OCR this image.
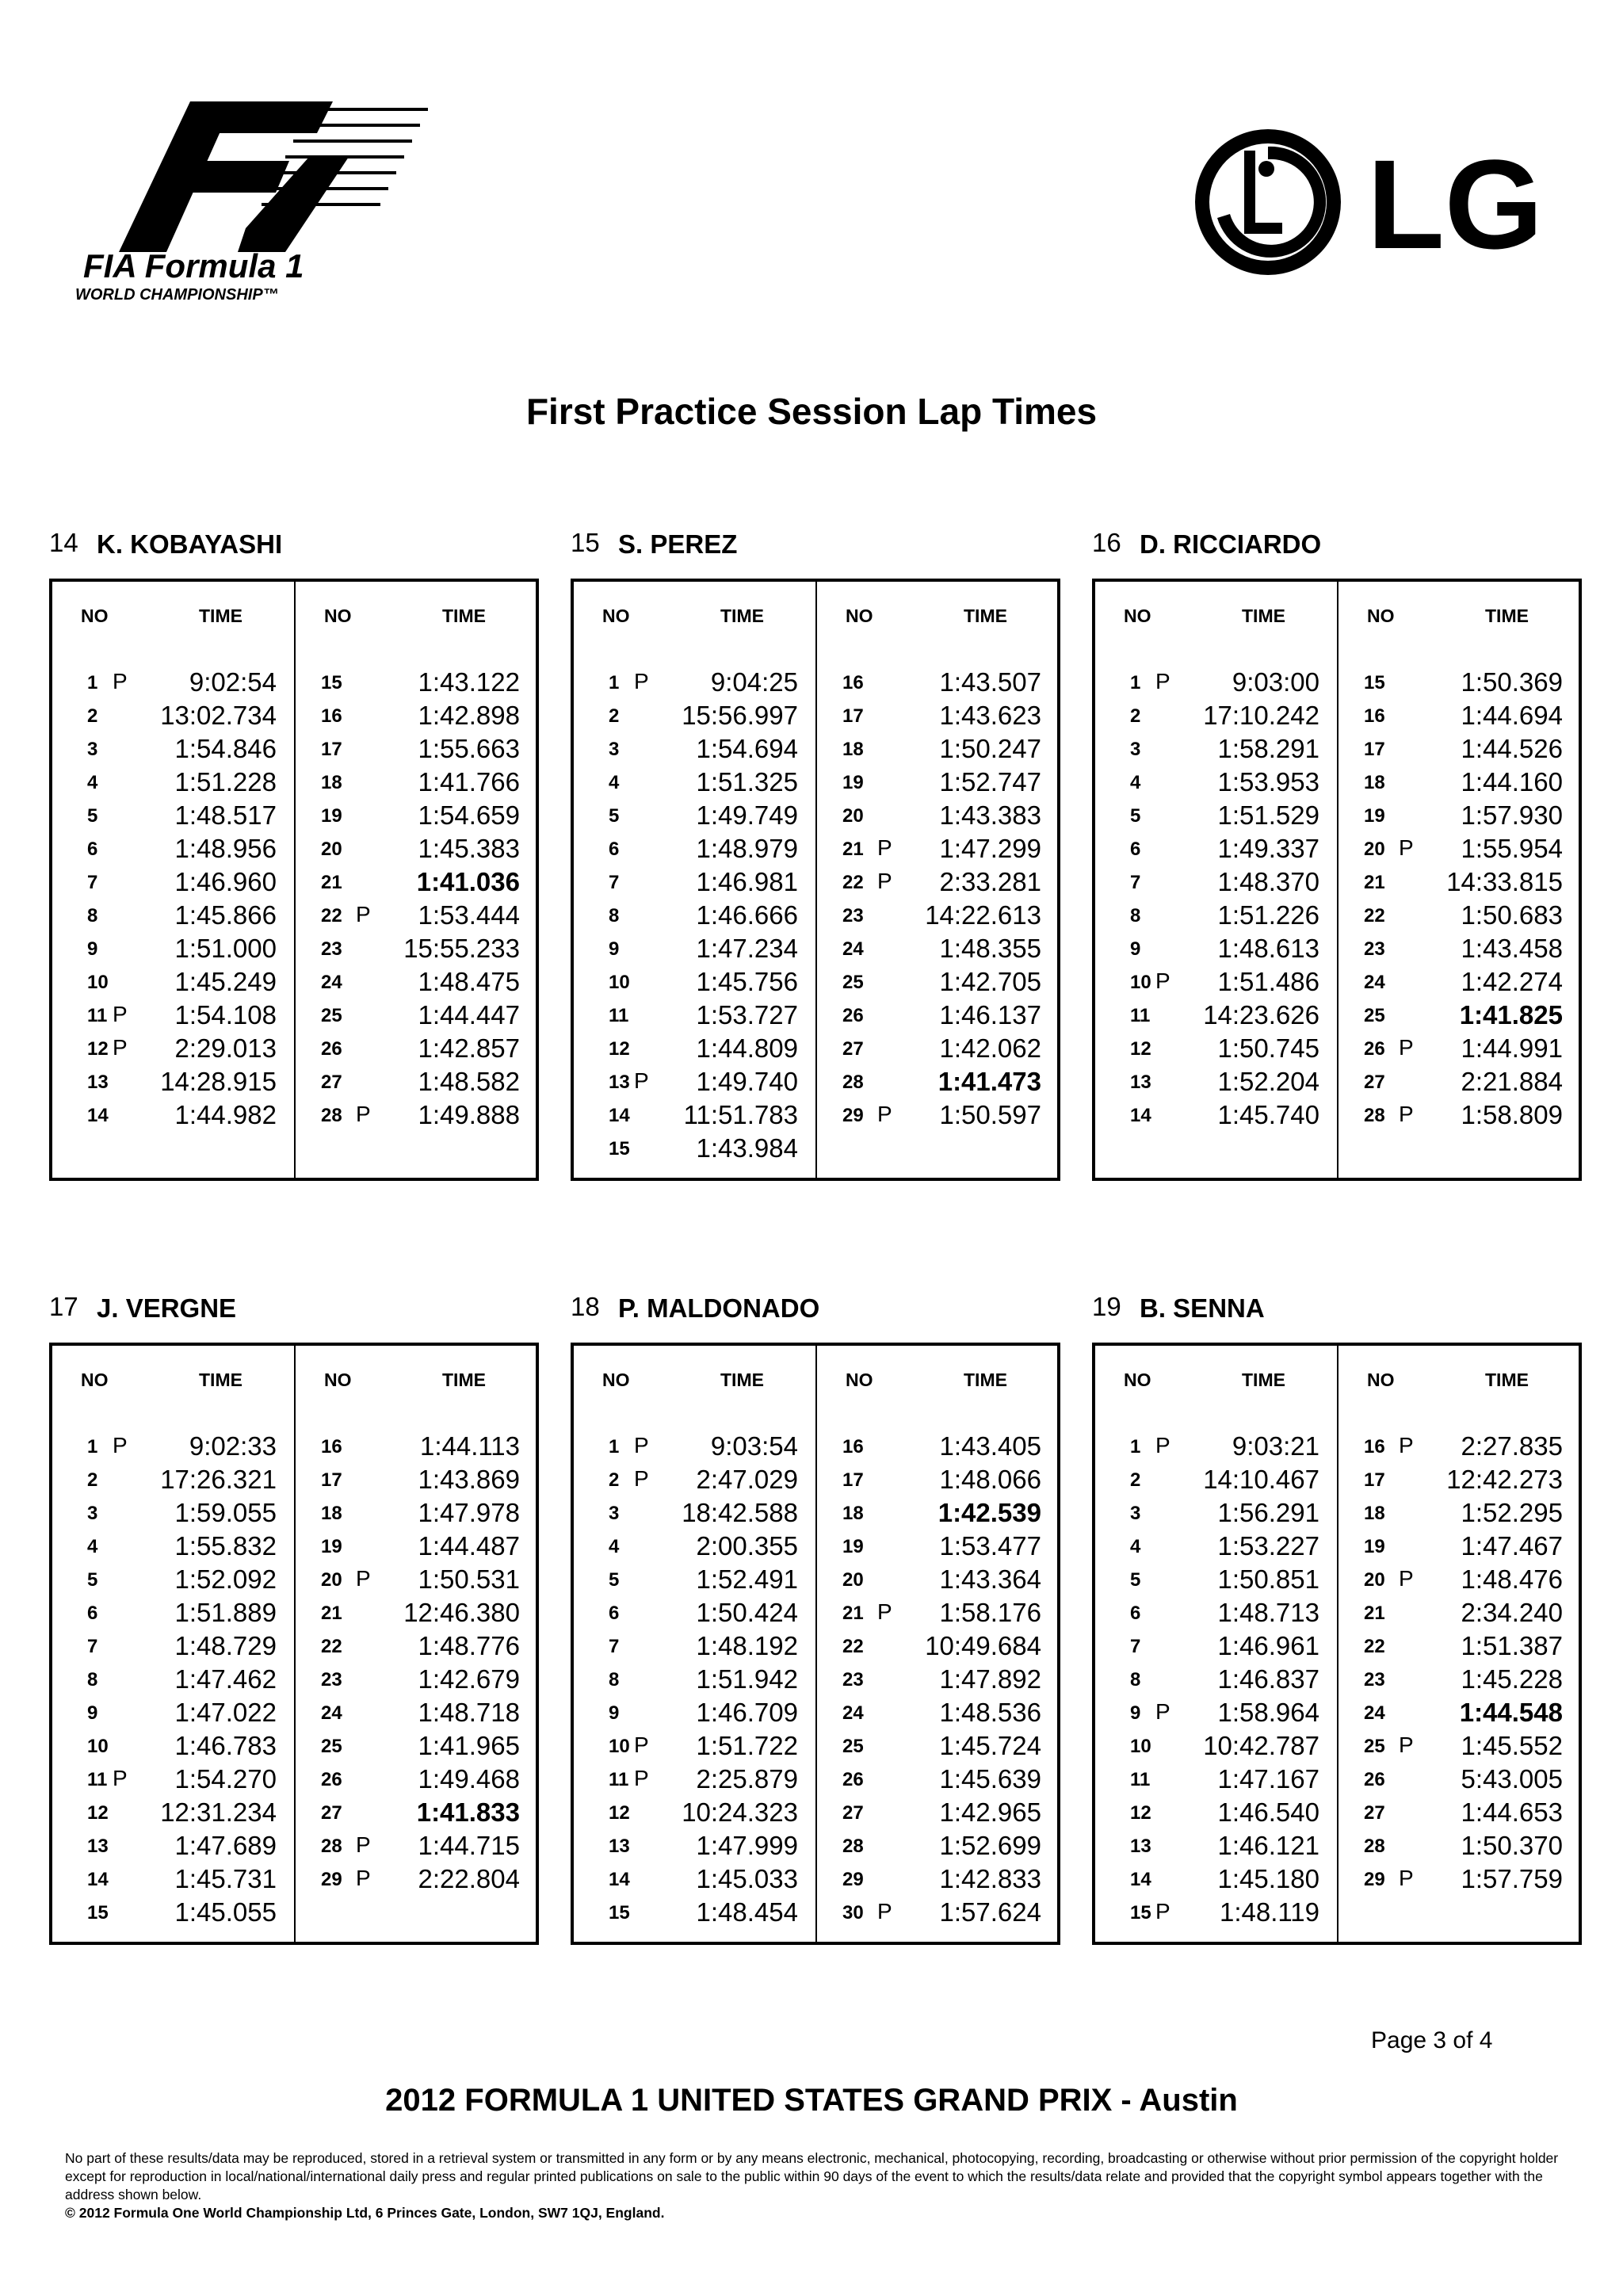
FIA Formula 1
WORLD CHAMPIONSHIP™
LG
First Practice Session Lap Times
14 K. KOBAYASHI
NO	TIME
1 P 9:02:54
2 13:02.734
3	1:54.846
4	1:51.228
5	1:48.517
6	1:48.956
7	1:46.960
8	1:45.866
9	1:51.000
10	1:45.249
11 P 1:54.108
12 P 2:29.013
13 14:28.915
14	1:44.982
NO	TIME
15	1:43.122
16	1:42.898
17	1:55.663
18	1:41.766
19	1:54.659
20	1:45.383
21	1:41.036
22 P 1:53.444
23 15:55.233
24	1:48.475
25	1:44.447
26	1:42.857
27	1:48.582
28 P 1:49.888
15 S. PEREZ
NO	TIME
1 P 9:04:25
2 15:56.997
3	1:54.694
4	1:51.325
5	1:49.749
6	1:48.979
7	1:46.981
8	1:46.666
9	1:47.234
10	1:45.756
11	1:53.727
12	1:44.809
13 P 1:49.740
14 11:51.783
15	1:43.984
NO	TIME
16	1:43.507
17	1:43.623
18	1:50.247
19	1:52.747
20	1:43.383
21 P 1:47.299
22 P 2:33.281
23 14:22.613
24	1:48.355
25	1:42.705
26	1:46.137
27	1:42.062
28	1:41.473
29 P 1:50.597
16 D. RICCIARDO
NO	TIME
1 P 9:03:00
2 17:10.242
3	1:58.291
4	1:53.953
5	1:51.529
6	1:49.337
7	1:48.370
8	1:51.226
9	1:48.613
10 P 1:51.486
11 14:23.626
12	1:50.745
13	1:52.204
14	1:45.740
NO	TIME
15	1:50.369
16	1:44.694
17	1:44.526
18	1:44.160
19	1:57.930
20 P 1:55.954
21 14:33.815
22	1:50.683
23	1:43.458
24	1:42.274
25	1:41.825
26 P 1:44.991
27	2:21.884
28 P 1:58.809
17 J. VERGNE
NO	TIME
1 P 9:02:33
2 17:26.321
3	1:59.055
4	1:55.832
5	1:52.092
6	1:51.889
7	1:48.729
8	1:47.462
9	1:47.022
10	1:46.783
11 P 1:54.270
12 12:31.234
13	1:47.689
14	1:45.731
15	1:45.055
NO	TIME
16	1:44.113
17	1:43.869
18	1:47.978
19	1:44.487
20 P 1:50.531
21 12:46.380
22	1:48.776
23	1:42.679
24	1:48.718
25	1:41.965
26	1:49.468
27	1:41.833
28 P 1:44.715
29 P 2:22.804
18 P. MALDONADO
NO	TIME
1 P 9:03:54
2 P 2:47.029
3 18:42.588
4	2:00.355
5	1:52.491
6	1:50.424
7	1:48.192
8	1:51.942
9	1:46.709
10 P 1:51.722
11 P 2:25.879
12 10:24.323
13	1:47.999
14	1:45.033
15	1:48.454
NO	TIME
16	1:43.405
17	1:48.066
18	1:42.539
19	1:53.477
20	1:43.364
21 P 1:58.176
22 10:49.684
23	1:47.892
24	1:48.536
25	1:45.724
26	1:45.639
27	1:42.965
28	1:52.699
29	1:42.833
30 P 1:57.624
19 B. SENNA
NO	TIME
1 P 9:03:21
2 14:10.467
3	1:56.291
4	1:53.227
5	1:50.851
6	1:48.713
7	1:46.961
8	1:46.837
9 P 1:58.964
10 10:42.787
11	1:47.167
12	1:46.540
13	1:46.121
14	1:45.180
15 P 1:48.119
NO	TIME
16 P 2:27.835
17 12:42.273
18	1:52.295
19	1:47.467
20 P 1:48.476
21	2:34.240
22	1:51.387
23	1:45.228
24	1:44.548
25 P 1:45.552
26	5:43.005
27	1:44.653
28	1:50.370
29 P 1:57.759
Page 3 of 4
2012 FORMULA 1 UNITED STATES GRAND PRIX - Austin
No part of these results/data may be reproduced, stored in a retrieval system or transmitted in any form or by any means electronic, mechanical, photocopying, recording, broadcasting or otherwise without prior permission of the copyright holder except for reproduction in local/national/international daily press and regular printed publications on sale to the public within 90 days of the event to which the results/data relate and provided that the copyright symbol appears together with the address shown below.
© 2012 Formula One World Championship Ltd, 6 Princes Gate, London, SW7 1QJ, England.
